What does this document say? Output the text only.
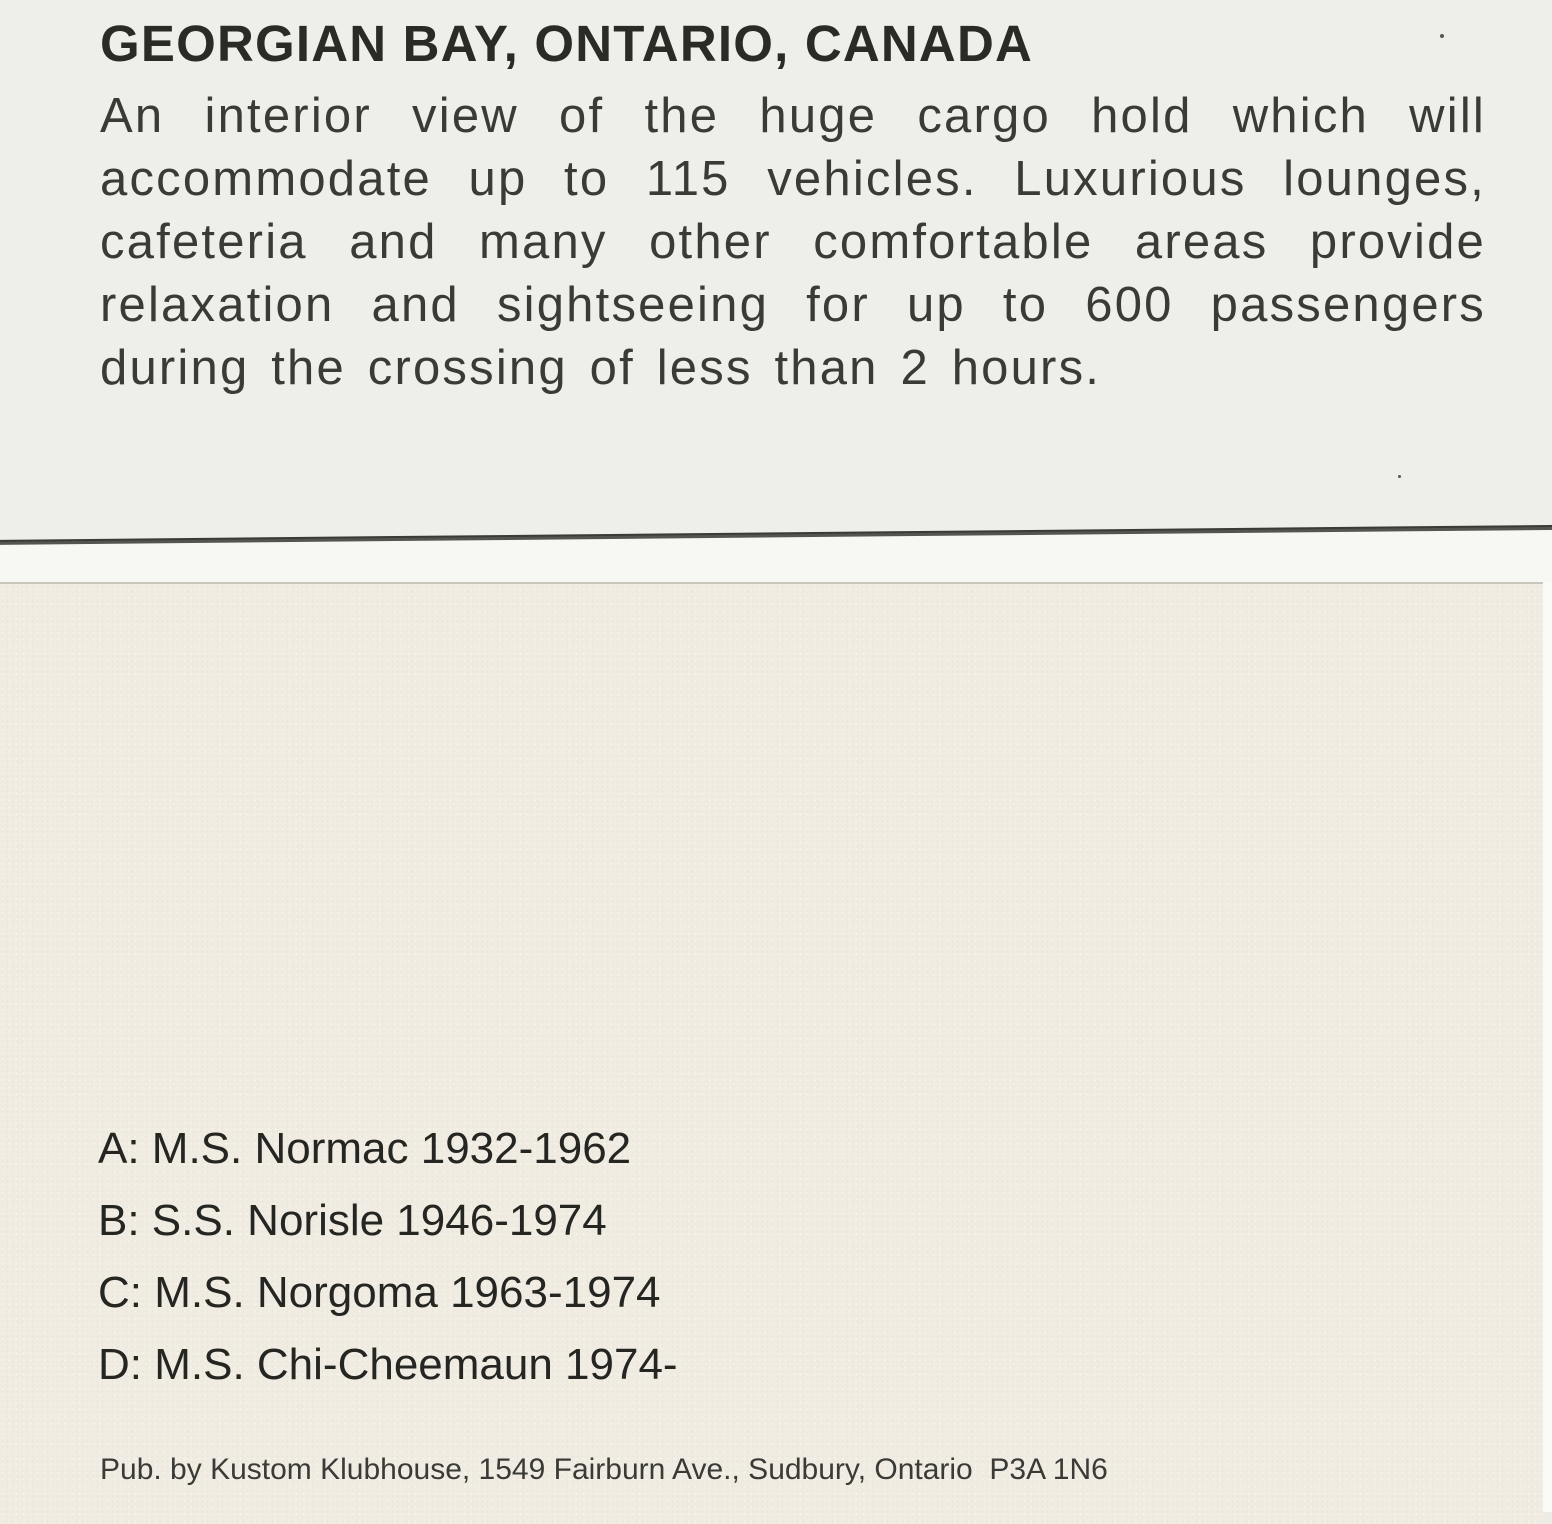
GEORGIAN BAY, ONTARIO, CANADA

An interior view of the huge cargo hold which will accommodate up to 115 vehicles. Luxurious lounges, cafeteria and many other comfortable areas provide relaxation and sightseeing for up to 600 passengers during the crossing of less than 2 hours.

A: M.S. Normac 1932-1962
B: S.S. Norisle 1946-1974
C: M.S. Norgoma 1963-1974
D: M.S. Chi-Cheemaun 1974-

Pub. by Kustom Klubhouse, 1549 Fairburn Ave., Sudbury, Ontario  P3A 1N6
